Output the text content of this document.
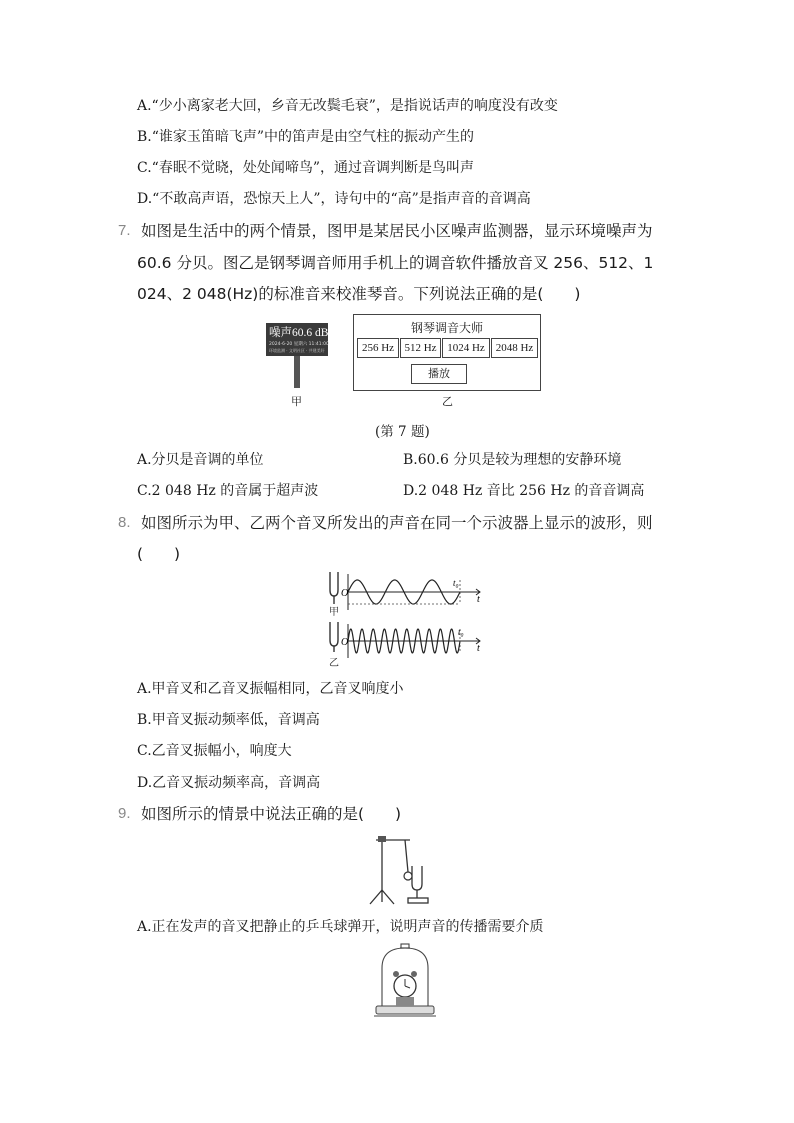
A.“少小离家老大回，乡音无改鬓毛衰”，是指说话声的响度没有改变
B.“谁家玉笛暗飞声”中的笛声是由空气柱的振动产生的
C.“春眠不觉晓，处处闻啼鸟”，通过音调判断是鸟叫声
D.“不敢高声语，恐惊天上人”，诗句中的“高”是指声音的音调高
7. 如图是生活中的两个情景，图甲是某居民小区噪声监测器，显示环境噪声为
60.6 分贝。图乙是钢琴调音师用手机上的调音软件播放音叉 256、512、1
024、2 048(Hz)的标准音来校准琴音。下列说法正确的是(　　)
噪声60.6 dB
2024-6-20 星期六 11:41:00
环境监测 · 文明社区 · 共建美好
甲
钢琴调音大师
256 Hz 512 Hz 1024 Hz 2048 Hz
播放
乙
(第 7 题)
A.分贝是音调的单位	B.60.6 分贝是较为理想的安静环境
C.2 048 Hz 的音属于超声波	D.2 048 Hz 音比 256 Hz 的音音调高
8. 如图所示为甲、乙两个音叉所发出的声音在同一个示波器上显示的波形，则
(　　)
甲
乙
O
O
t
t
t₀
t₀
A.甲音叉和乙音叉振幅相同，乙音叉响度小
B.甲音叉振动频率低，音调高
C.乙音叉振幅小，响度大
D.乙音叉振动频率高，音调高
9. 如图所示的情景中说法正确的是(　　)
A.正在发声的音叉把静止的乒乓球弹开，说明声音的传播需要介质
